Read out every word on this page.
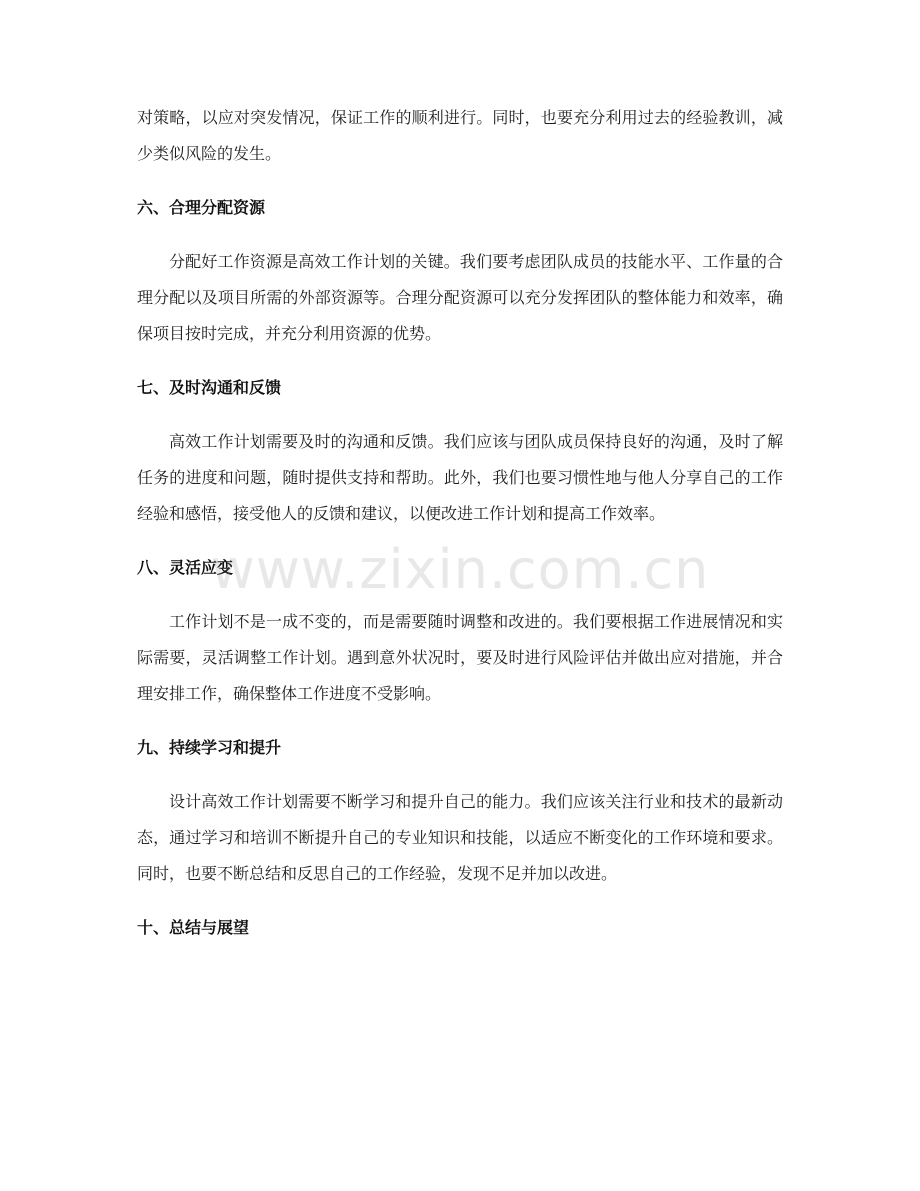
对策略，以应对突发情况，保证工作的顺利进行。同时，也要充分利用过去的经验教训，减少类似风险的发生。

六、合理分配资源

分配好工作资源是高效工作计划的关键。我们要考虑团队成员的技能水平、工作量的合理分配以及项目所需的外部资源等。合理分配资源可以充分发挥团队的整体能力和效率，确保项目按时完成，并充分利用资源的优势。

七、及时沟通和反馈

高效工作计划需要及时的沟通和反馈。我们应该与团队成员保持良好的沟通，及时了解任务的进度和问题，随时提供支持和帮助。此外，我们也要习惯性地与他人分享自己的工作经验和感悟，接受他人的反馈和建议，以便改进工作计划和提高工作效率。

八、灵活应变

工作计划不是一成不变的，而是需要随时调整和改进的。我们要根据工作进展情况和实际需要，灵活调整工作计划。遇到意外状况时，要及时进行风险评估并做出应对措施，并合理安排工作，确保整体工作进度不受影响。

九、持续学习和提升

设计高效工作计划需要不断学习和提升自己的能力。我们应该关注行业和技术的最新动态，通过学习和培训不断提升自己的专业知识和技能，以适应不断变化的工作环境和要求。同时，也要不断总结和反思自己的工作经验，发现不足并加以改进。

十、总结与展望
www.zixin.com.cn
